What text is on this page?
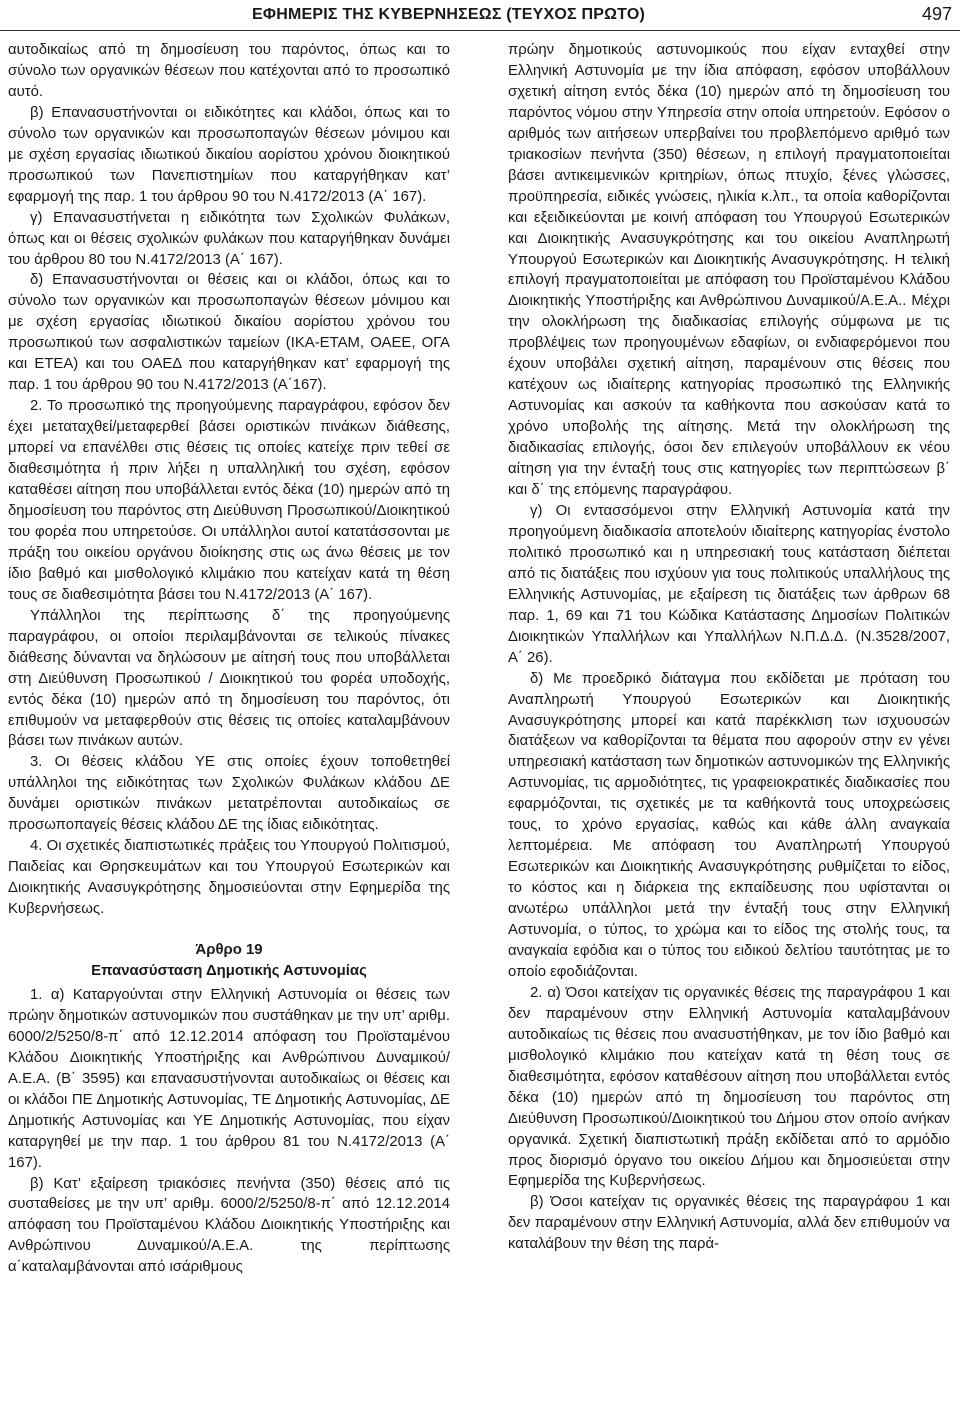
ΕΦΗΜΕΡΙΣ ΤΗΣ ΚΥΒΕΡΝΗΣΕΩΣ (ΤΕΥΧΟΣ ΠΡΩΤΟ)	497

αυτοδικαίως από τη δημοσίευση του παρόντος, όπως και το σύνολο των οργανικών θέσεων που κατέχονται από το προσωπικό αυτό.

β) Επανασυστήνονται οι ειδικότητες και κλάδοι, όπως και το σύνολο των οργανικών και προσωποπαγών θέσεων μόνιμου και με σχέση εργασίας ιδιωτικού δικαίου αορίστου χρόνου διοικητικού προσωπικού των Πανεπιστημίων που καταργήθηκαν κατ’ εφαρμογή της παρ. 1 του άρθρου 90 του Ν.4172/2013 (Α΄ 167).

γ) Επανασυστήνεται η ειδικότητα των Σχολικών Φυλάκων, όπως και οι θέσεις σχολικών φυλάκων που καταργήθηκαν δυνάμει του άρθρου 80 του Ν.4172/2013 (Α΄ 167).

δ) Επανασυστήνονται οι θέσεις και οι κλάδοι, όπως και το σύνολο των οργανικών και προσωποπαγών θέσεων μόνιμου και με σχέση εργασίας ιδιωτικού δικαίου αορίστου χρόνου του προσωπικού των ασφαλιστικών ταμείων (ΙΚΑ-ΕΤΑΜ, ΟΑΕΕ, ΟΓΑ και ΕΤΕΑ) και του ΟΑΕΔ που καταργήθηκαν κατ’ εφαρμογή της παρ. 1 του άρθρου 90 του Ν.4172/2013 (Α΄167).

2. Το προσωπικό της προηγούμενης παραγράφου, εφόσον δεν έχει μεταταχθεί/μεταφερθεί βάσει οριστικών πινάκων διάθεσης, μπορεί να επανέλθει στις θέσεις τις οποίες κατείχε πριν τεθεί σε διαθεσιμότητα ή πριν λήξει η υπαλληλική του σχέση, εφόσον καταθέσει αίτηση που υποβάλλεται εντός δέκα (10) ημερών από τη δημοσίευση του παρόντος στη Διεύθυνση Προσωπικού/Διοικητικού του φορέα που υπηρετούσε. Οι υπάλληλοι αυτοί κατατάσσονται με πράξη του οικείου οργάνου διοίκησης στις ως άνω θέσεις με τον ίδιο βαθμό και μισθολογικό κλιμάκιο που κατείχαν κατά τη θέση τους σε διαθεσιμότητα βάσει του Ν.4172/2013 (Α΄ 167).

Υπάλληλοι της περίπτωσης δ΄ της προηγούμενης παραγράφου, οι οποίοι περιλαμβάνονται σε τελικούς πίνακες διάθεσης δύνανται να δηλώσουν με αίτησή τους που υποβάλλεται στη Διεύθυνση Προσωπικού / Διοικητικού του φορέα υποδοχής, εντός δέκα (10) ημερών από τη δημοσίευση του παρόντος, ότι επιθυμούν να μεταφερθούν στις θέσεις τις οποίες καταλαμβάνουν βάσει των πινάκων αυτών.

3. Οι θέσεις κλάδου ΥΕ στις οποίες έχουν τοποθετηθεί υπάλληλοι της ειδικότητας των Σχολικών Φυλάκων κλάδου ΔΕ δυνάμει οριστικών πινάκων μετατρέπονται αυτοδικαίως σε προσωποπαγείς θέσεις κλάδου ΔΕ της ίδιας ειδικότητας.

4. Οι σχετικές διαπιστωτικές πράξεις του Υπουργού Πολιτισμού, Παιδείας και Θρησκευμάτων και του Υπουργού Εσωτερικών και Διοικητικής Ανασυγκρότησης δημοσιεύονται στην Εφημερίδα της Κυβερνήσεως.

Άρθρο 19

Επανασύσταση Δημοτικής Αστυνομίας

1. α) Καταργούνται στην Ελληνική Αστυνομία οι θέσεις των πρώην δημοτικών αστυνομικών που συστάθηκαν με την υπ’ αριθμ. 6000/2/5250/8-π΄ από 12.12.2014 απόφαση του Προϊσταμένου Κλάδου Διοικητικής Υποστήριξης και Ανθρώπινου Δυναμικού/Α.Ε.Α. (Β΄ 3595) και επανασυστήνονται αυτοδικαίως οι θέσεις και οι κλάδοι ΠΕ Δημοτικής Αστυνομίας, ΤΕ Δημοτικής Αστυνομίας, ΔΕ Δημοτικής Αστυνομίας και ΥΕ Δημοτικής Αστυνομίας, που είχαν καταργηθεί με την παρ. 1 του άρθρου 81 του Ν.4172/2013 (Α΄ 167).

β) Κατ’ εξαίρεση τριακόσιες πενήντα (350) θέσεις από τις συσταθείσες με την υπ’ αριθμ. 6000/2/5250/8-π΄ από 12.12.2014 απόφαση του Προϊσταμένου Κλάδου Διοικητικής Υποστήριξης και Ανθρώπινου Δυναμικού/Α.Ε.Α. της περίπτωσης α΄καταλαμβάνονται από ισάριθμους

πρώην δημοτικούς αστυνομικούς που είχαν ενταχθεί στην Ελληνική Αστυνομία με την ίδια απόφαση, εφόσον υποβάλλουν σχετική αίτηση εντός δέκα (10) ημερών από τη δημοσίευση του παρόντος νόμου στην Υπηρεσία στην οποία υπηρετούν. Εφόσον ο αριθμός των αιτήσεων υπερβαίνει του προβλεπόμενο αριθμό των τριακοσίων πενήντα (350) θέσεων, η επιλογή πραγματοποιείται βάσει αντικειμενικών κριτηρίων, όπως πτυχίο, ξένες γλώσσες, προϋπηρεσία, ειδικές γνώσεις, ηλικία κ.λπ., τα οποία καθορίζονται και εξειδικεύονται με κοινή απόφαση του Υπουργού Εσωτερικών και Διοικητικής Ανασυγκρότησης και του οικείου Αναπληρωτή Υπουργού Εσωτερικών και Διοικητικής Ανασυγκρότησης. Η τελική επιλογή πραγματοποιείται με απόφαση του Προϊσταμένου Κλάδου Διοικητικής Υποστήριξης και Ανθρώπινου Δυναμικού/Α.Ε.Α.. Μέχρι την ολοκλήρωση της διαδικασίας επιλογής σύμφωνα με τις προβλέψεις των προηγουμένων εδαφίων, οι ενδιαφερόμενοι που έχουν υποβάλει σχετική αίτηση, παραμένουν στις θέσεις που κατέχουν ως ιδιαίτερης κατηγορίας προσωπικό της Ελληνικής Αστυνομίας και ασκούν τα καθήκοντα που ασκούσαν κατά το χρόνο υποβολής της αίτησης. Μετά την ολοκλήρωση της διαδικασίας επιλογής, όσοι δεν επιλεγούν υποβάλλουν εκ νέου αίτηση για την ένταξή τους στις κατηγορίες των περιπτώσεων β΄ και δ΄ της επόμενης παραγράφου.

γ) Οι εντασσόμενοι στην Ελληνική Αστυνομία κατά την προηγούμενη διαδικασία αποτελούν ιδιαίτερης κατηγορίας ένστολο πολιτικό προσωπικό και η υπηρεσιακή τους κατάσταση διέπεται από τις διατάξεις που ισχύουν για τους πολιτικούς υπαλλήλους της Ελληνικής Αστυνομίας, με εξαίρεση τις διατάξεις των άρθρων 68 παρ. 1, 69 και 71 του Κώδικα Κατάστασης Δημοσίων Πολιτικών Διοικητικών Υπαλλήλων και Υπαλλήλων Ν.Π.Δ.Δ. (Ν.3528/2007, Α΄ 26).

δ) Με προεδρικό διάταγμα που εκδίδεται με πρόταση του Αναπληρωτή Υπουργού Εσωτερικών και Διοικητικής Ανασυγκρότησης μπορεί και κατά παρέκκλιση των ισχυουσών διατάξεων να καθορίζονται τα θέματα που αφορούν στην εν γένει υπηρεσιακή κατάσταση των δημοτικών αστυνομικών της Ελληνικής Αστυνομίας, τις αρμοδιότητες, τις γραφειοκρατικές διαδικασίες που εφαρμόζονται, τις σχετικές με τα καθήκοντά τους υποχρεώσεις τους, το χρόνο εργασίας, καθώς και κάθε άλλη αναγκαία λεπτομέρεια. Με απόφαση του Αναπληρωτή Υπουργού Εσωτερικών και Διοικητικής Ανασυγκρότησης ρυθμίζεται το είδος, το κόστος και η διάρκεια της εκπαίδευσης που υφίστανται οι ανωτέρω υπάλληλοι μετά την ένταξή τους στην Ελληνική Αστυνομία, ο τύπος, το χρώμα και το είδος της στολής τους, τα αναγκαία εφόδια και ο τύπος του ειδικού δελτίου ταυτότητας με το οποίο εφοδιάζονται.

2. α) Όσοι κατείχαν τις οργανικές θέσεις της παραγράφου 1 και δεν παραμένουν στην Ελληνική Αστυνομία καταλαμβάνουν αυτοδικαίως τις θέσεις που ανασυστήθηκαν, με τον ίδιο βαθμό και μισθολογικό κλιμάκιο που κατείχαν κατά τη θέση τους σε διαθεσιμότητα, εφόσον καταθέσουν αίτηση που υποβάλλεται εντός δέκα (10) ημερών από τη δημοσίευση του παρόντος στη Διεύθυνση Προσωπικού/Διοικητικού του Δήμου στον οποίο ανήκαν οργανικά. Σχετική διαπιστωτική πράξη εκδίδεται από το αρμόδιο προς διορισμό όργανο του οικείου Δήμου και δημοσιεύεται στην Εφημερίδα της Κυβερνήσεως.

β) Όσοι κατείχαν τις οργανικές θέσεις της παραγράφου 1 και δεν παραμένουν στην Ελληνική Αστυνομία, αλλά δεν επιθυμούν να καταλάβουν την θέση της παρά-
